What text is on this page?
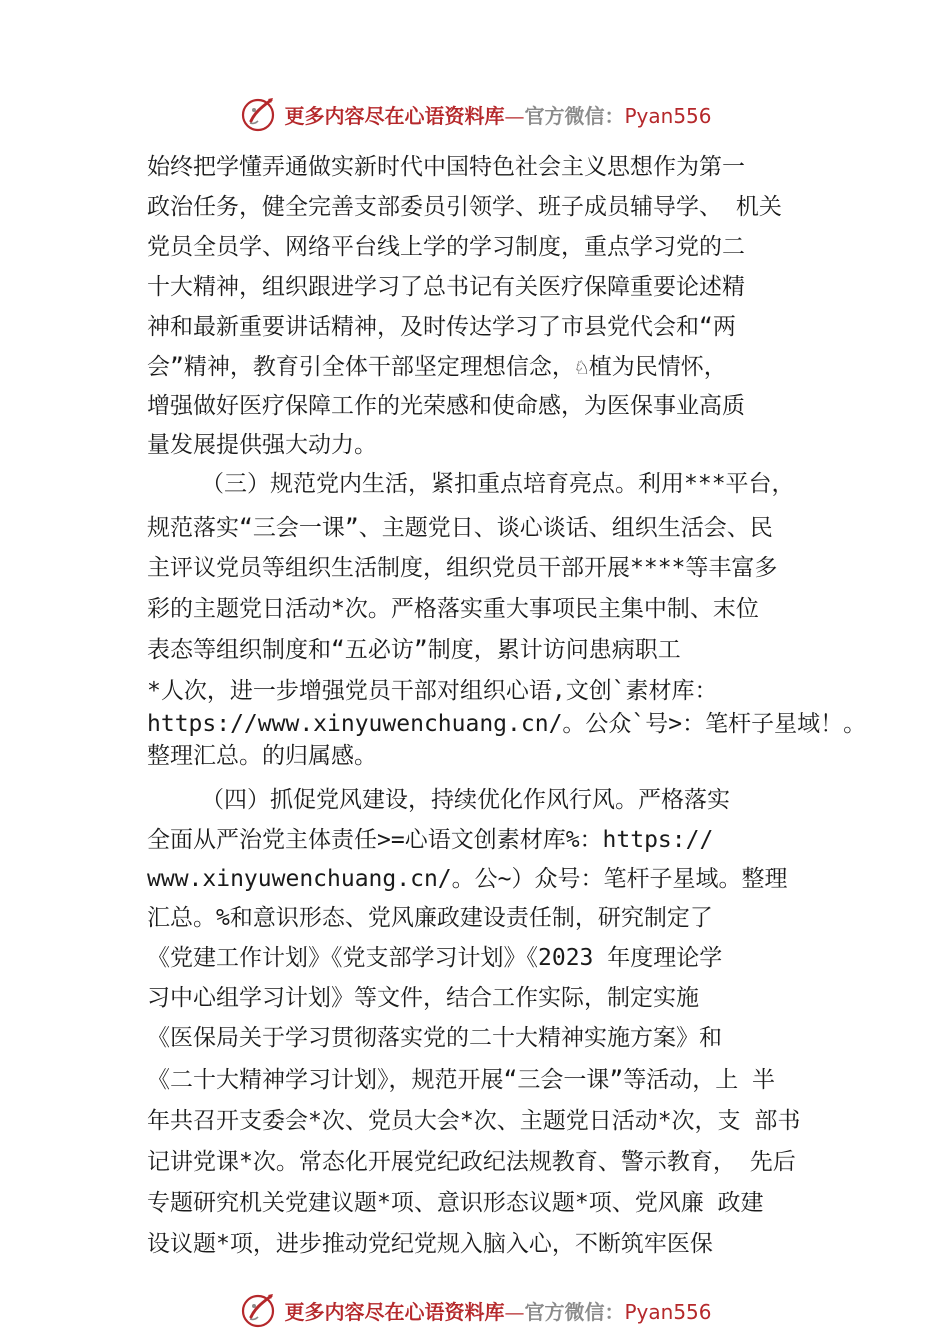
更多内容尽在心语资料库—官方微信：Pyan556
始终把学懂弄通做实新时代中国特色社会主义思想作为第一
政治任务，健全完善支部委员引领学、班子成员辅导学、 机关
党员全员学、网络平台线上学的学习制度，重点学习党的二
十大精神，组织跟进学习了总书记有关医疗保障重要论述精
神和最新重要讲话精神，及时传达学习了市县党代会和“两
会”精神，教育引全体干部坚定理想信念，♘植为民情怀，
增强做好医疗保障工作的光荣感和使命感，为医保事业高质
量发展提供强大动力。
（三）规范党内生活，紧扣重点培育亮点。利用***平台，
规范落实“三会一课”、主题党日、谈心谈话、组织生活会、民
主评议党员等组织生活制度，组织党员干部开展****等丰富多
彩的主题党日活动*次。严格落实重大事项民主集中制、末位
表态等组织制度和“五必访”制度，累计访问患病职工
*人次，进一步增强党员干部对组织心语,文创`素材库：
https://www.xinyuwenchuang.cn/。公众`号>：笔杆子星域！。
整理汇总。的归属感。
（四）抓促党风建设，持续优化作风行风。严格落实
全面从严治党主体责任>=心语文创素材库%：https://
www.xinyuwenchuang.cn/。公~）众号：笔杆子星域。整理
汇总。%和意识形态、党风廉政建设责任制，研究制定了
《党建工作计划》《党支部学习计划》《2023 年度理论学
习中心组学习计划》等文件，结合工作实际，制定实施
《医保局关于学习贯彻落实党的二十大精神实施方案》和
《二十大精神学习计划》，规范开展“三会一课”等活动，上 半
年共召开支委会*次、党员大会*次、主题党日活动*次，支 部书
记讲党课*次。常态化开展党纪政纪法规教育、警示教育， 先后
专题研究机关党建议题*项、意识形态议题*项、党风廉 政建
设议题*项，进步推动党纪党规入脑入心，不断筑牢医保
更多内容尽在心语资料库—官方微信：Pyan556
